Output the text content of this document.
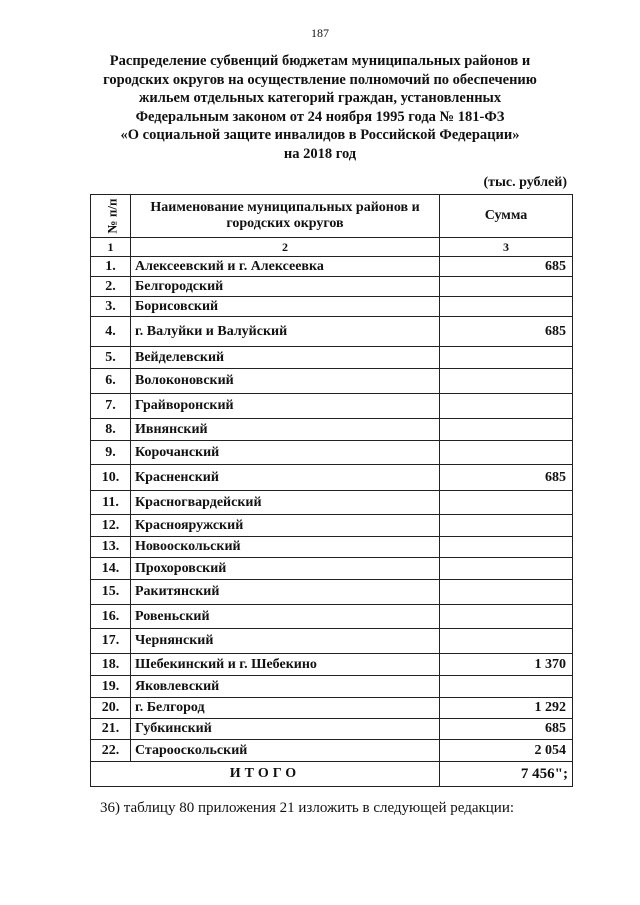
187
Распределение субвенций бюджетам муниципальных районов и
городских округов на осуществление полномочий по обеспечению
жильем отдельных категорий граждан, установленных
Федеральным законом от 24 ноября 1995 года № 181-ФЗ
«О социальной защите инвалидов в Российской Федерации»
на 2018 год
(тыс. рублей)
№ п/п	Наименование муниципальных районов и городских округов	Сумма
1	2	3
1.	Алексеевский и г. Алексеевка	685
2.	Белгородский	
3.	Борисовский	
4.	г. Валуйки и Валуйский	685
5.	Вейделевский	
6.	Волоконовский	
7.	Грайворонский	
8.	Ивнянский	
9.	Корочанский	
10.	Красненский	685
11.	Красногвардейский	
12.	Краснояружский	
13.	Новооскольский	
14.	Прохоровский	
15.	Ракитянский	
16.	Ровеньский	
17.	Чернянский	
18.	Шебекинский и г. Шебекино	1 370
19.	Яковлевский	
20.	г. Белгород	1 292
21.	Губкинский	685
22.	Старооскольский	2 054
ИТОГО		7 456";
36) таблицу 80 приложения 21 изложить в следующей редакции:
